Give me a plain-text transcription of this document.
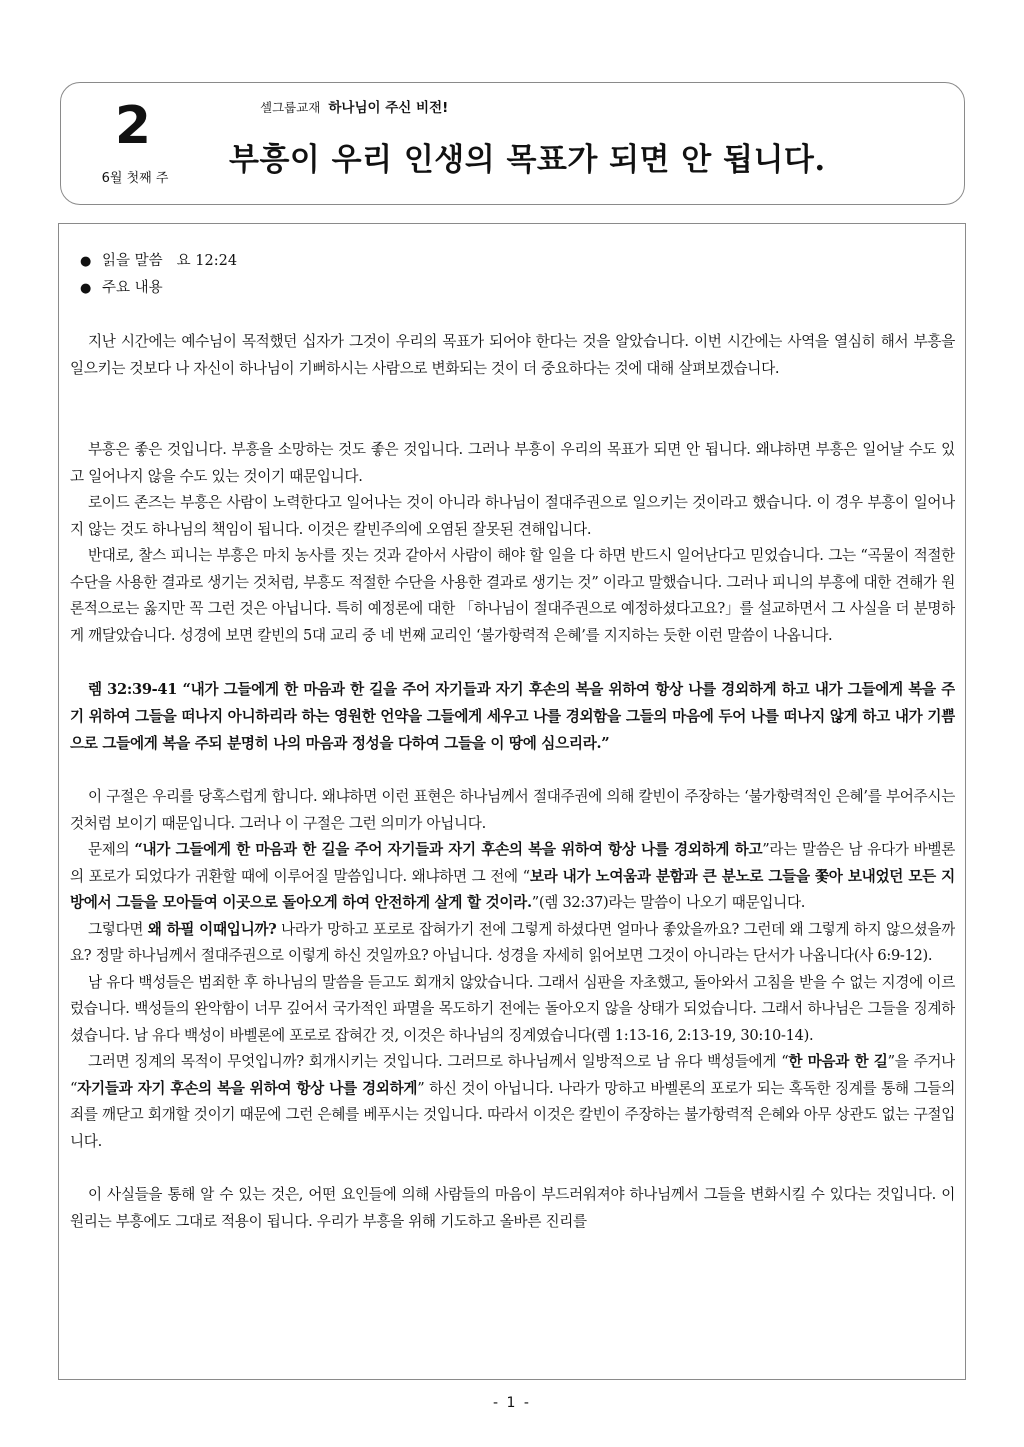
2
6월 첫째 주
셀그룹교재 하나님이 주신 비전!
부흥이 우리 인생의 목표가 되면 안 됩니다.
● 읽을 말씀 요 12:24
● 주요 내용

지난 시간에는 예수님이 목적했던 십자가 그것이 우리의 목표가 되어야 한다는 것을 알았습니다. 이번 시간에는 사역을 열심히 해서 부흥을 일으키는 것보다 나 자신이 하나님이 기뻐하시는 사람으로 변화되는 것이 더 중요하다는 것에 대해 살펴보겠습니다.

부흥은 좋은 것입니다. 부흥을 소망하는 것도 좋은 것입니다. 그러나 부흥이 우리의 목표가 되면 안 됩니다. 왜냐하면 부흥은 일어날 수도 있고 일어나지 않을 수도 있는 것이기 때문입니다.

로이드 존즈는 부흥은 사람이 노력한다고 일어나는 것이 아니라 하나님이 절대주권으로 일으키는 것이라고 했습니다. 이 경우 부흥이 일어나지 않는 것도 하나님의 책임이 됩니다. 이것은 칼빈주의에 오염된 잘못된 견해입니다.

반대로, 찰스 피니는 부흥은 마치 농사를 짓는 것과 같아서 사람이 해야 할 일을 다 하면 반드시 일어난다고 믿었습니다. 그는 “곡물이 적절한 수단을 사용한 결과로 생기는 것처럼, 부흥도 적절한 수단을 사용한 결과로 생기는 것” 이라고 말했습니다. 그러나 피니의 부흥에 대한 견해가 원론적으로는 옳지만 꼭 그런 것은 아닙니다. 특히 예정론에 대한 「하나님이 절대주권으로 예정하셨다고요?」를 설교하면서 그 사실을 더 분명하게 깨달았습니다. 성경에 보면 칼빈의 5대 교리 중 네 번째 교리인 ‘불가항력적 은혜’를 지지하는 듯한 이런 말씀이 나옵니다.

렘 32:39-41 “내가 그들에게 한 마음과 한 길을 주어 자기들과 자기 후손의 복을 위하여 항상 나를 경외하게 하고 내가 그들에게 복을 주기 위하여 그들을 떠나지 아니하리라 하는 영원한 언약을 그들에게 세우고 나를 경외함을 그들의 마음에 두어 나를 떠나지 않게 하고 내가 기쁨으로 그들에게 복을 주되 분명히 나의 마음과 정성을 다하여 그들을 이 땅에 심으리라.”

이 구절은 우리를 당혹스럽게 합니다. 왜냐하면 이런 표현은 하나님께서 절대주권에 의해 칼빈이 주장하는 ‘불가항력적인 은혜’를 부어주시는 것처럼 보이기 때문입니다. 그러나 이 구절은 그런 의미가 아닙니다.

문제의 “내가 그들에게 한 마음과 한 길을 주어 자기들과 자기 후손의 복을 위하여 항상 나를 경외하게 하고”라는 말씀은 남 유다가 바벨론의 포로가 되었다가 귀환할 때에 이루어질 말씀입니다. 왜냐하면 그 전에 “보라 내가 노여움과 분함과 큰 분노로 그들을 쫓아 보내었던 모든 지방에서 그들을 모아들여 이곳으로 돌아오게 하여 안전하게 살게 할 것이라.”(렘 32:37)라는 말씀이 나오기 때문입니다.

그렇다면 왜 하필 이때입니까? 나라가 망하고 포로로 잡혀가기 전에 그렇게 하셨다면 얼마나 좋았을까요? 그런데 왜 그렇게 하지 않으셨을까요? 정말 하나님께서 절대주권으로 이렇게 하신 것일까요? 아닙니다. 성경을 자세히 읽어보면 그것이 아니라는 단서가 나옵니다(사 6:9-12).

남 유다 백성들은 범죄한 후 하나님의 말씀을 듣고도 회개치 않았습니다. 그래서 심판을 자초했고, 돌아와서 고침을 받을 수 없는 지경에 이르렀습니다. 백성들의 완악함이 너무 깊어서 국가적인 파멸을 목도하기 전에는 돌아오지 않을 상태가 되었습니다. 그래서 하나님은 그들을 징계하셨습니다. 남 유다 백성이 바벨론에 포로로 잡혀간 것, 이것은 하나님의 징계였습니다(렘 1:13-16, 2:13-19, 30:10-14).

그러면 징계의 목적이 무엇입니까? 회개시키는 것입니다. 그러므로 하나님께서 일방적으로 남 유다 백성들에게 “한 마음과 한 길”을 주거나 “자기들과 자기 후손의 복을 위하여 항상 나를 경외하게” 하신 것이 아닙니다. 나라가 망하고 바벨론의 포로가 되는 혹독한 징계를 통해 그들의 죄를 깨닫고 회개할 것이기 때문에 그런 은혜를 베푸시는 것입니다. 따라서 이것은 칼빈이 주장하는 불가항력적 은혜와 아무 상관도 없는 구절입니다.

이 사실들을 통해 알 수 있는 것은, 어떤 요인들에 의해 사람들의 마음이 부드러워져야 하나님께서 그들을 변화시킬 수 있다는 것입니다. 이 원리는 부흥에도 그대로 적용이 됩니다. 우리가 부흥을 위해 기도하고 올바른 진리를

- 1 -
